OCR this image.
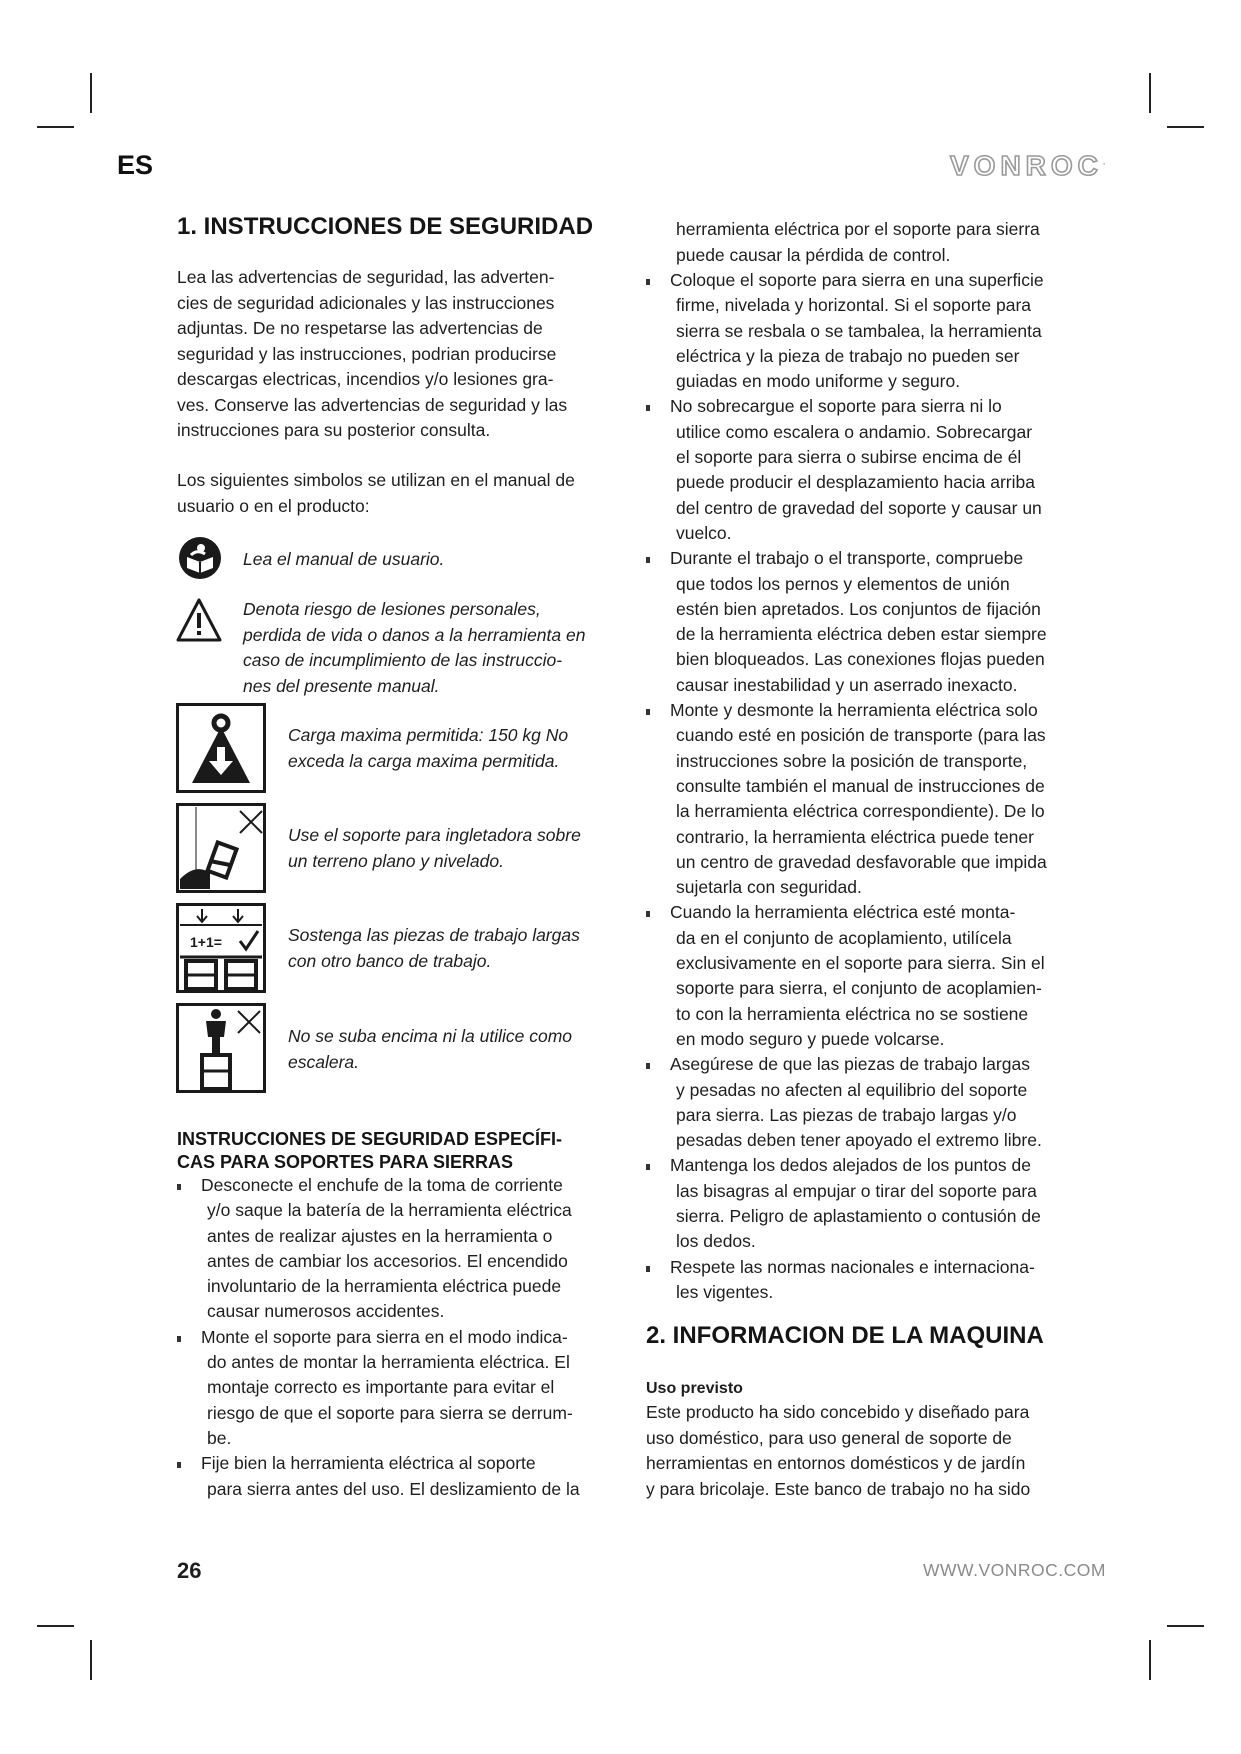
ES	VONROC.
1. INSTRUCCIONES DE SEGURIDAD
Lea las advertencias de seguridad, las adverten-
cies de seguridad adicionales y las instrucciones
adjuntas. De no respetarse las advertencias de
seguridad y las instrucciones, podrian producirse
descargas electricas, incendios y/o lesiones gra-
ves. Conserve las advertencias de seguridad y las
instrucciones para su posterior consulta.
Los siguientes simbolos se utilizan en el manual de
usuario o en el producto:
1+1=
Lea el manual de usuario.
Denota riesgo de lesiones personales,
perdida de vida o danos a la herramienta en
caso de incumplimiento de las instruccio-
nes del presente manual.
Carga maxima permitida: 150 kg No
exceda la carga maxima permitida.
Use el soporte para ingletadora sobre
un terreno plano y nivelado.
Sostenga las piezas de trabajo largas
con otro banco de trabajo.
No se suba encima ni la utilice como
escalera.
INSTRUCCIONES DE SEGURIDAD ESPECÍFI-
CAS PARA SOPORTES PARA SIERRAS
Desconecte el enchufe de la toma de corriente
y/o saque la batería de la herramienta eléctrica
antes de realizar ajustes en la herramienta o
antes de cambiar los accesorios. El encendido
involuntario de la herramienta eléctrica puede
causar numerosos accidentes.
Monte el soporte para sierra en el modo indica-
do antes de montar la herramienta eléctrica. El
montaje correcto es importante para evitar el
riesgo de que el soporte para sierra se derrum-
be.
Fije bien la herramienta eléctrica al soporte
para sierra antes del uso. El deslizamiento de la
herramienta eléctrica por el soporte para sierra
puede causar la pérdida de control.
Coloque el soporte para sierra en una superficie
firme, nivelada y horizontal. Si el soporte para
sierra se resbala o se tambalea, la herramienta
eléctrica y la pieza de trabajo no pueden ser
guiadas en modo uniforme y seguro.
No sobrecargue el soporte para sierra ni lo
utilice como escalera o andamio. Sobrecargar
el soporte para sierra o subirse encima de él
puede producir el desplazamiento hacia arriba
del centro de gravedad del soporte y causar un
vuelco.
Durante el trabajo o el transporte, compruebe
que todos los pernos y elementos de unión
estén bien apretados. Los conjuntos de fijación
de la herramienta eléctrica deben estar siempre
bien bloqueados. Las conexiones flojas pueden
causar inestabilidad y un aserrado inexacto.
Monte y desmonte la herramienta eléctrica solo
cuando esté en posición de transporte (para las
instrucciones sobre la posición de transporte,
consulte también el manual de instrucciones de
la herramienta eléctrica correspondiente). De lo
contrario, la herramienta eléctrica puede tener
un centro de gravedad desfavorable que impida
sujetarla con seguridad.
Cuando la herramienta eléctrica esté monta-
da en el conjunto de acoplamiento, utilícela
exclusivamente en el soporte para sierra. Sin el
soporte para sierra, el conjunto de acoplamien-
to con la herramienta eléctrica no se sostiene
en modo seguro y puede volcarse.
Asegúrese de que las piezas de trabajo largas
y pesadas no afecten al equilibrio del soporte
para sierra. Las piezas de trabajo largas y/o
pesadas deben tener apoyado el extremo libre.
Mantenga los dedos alejados de los puntos de
las bisagras al empujar o tirar del soporte para
sierra. Peligro de aplastamiento o contusión de
los dedos.
Respete las normas nacionales e internaciona-
les vigentes.
2. INFORMACION DE LA MAQUINA
Uso previsto
Este producto ha sido concebido y diseñado para
uso doméstico, para uso general de soporte de
herramientas en entornos domésticos y de jardín
y para bricolaje. Este banco de trabajo no ha sido
26	WWW.VONROC.COM
